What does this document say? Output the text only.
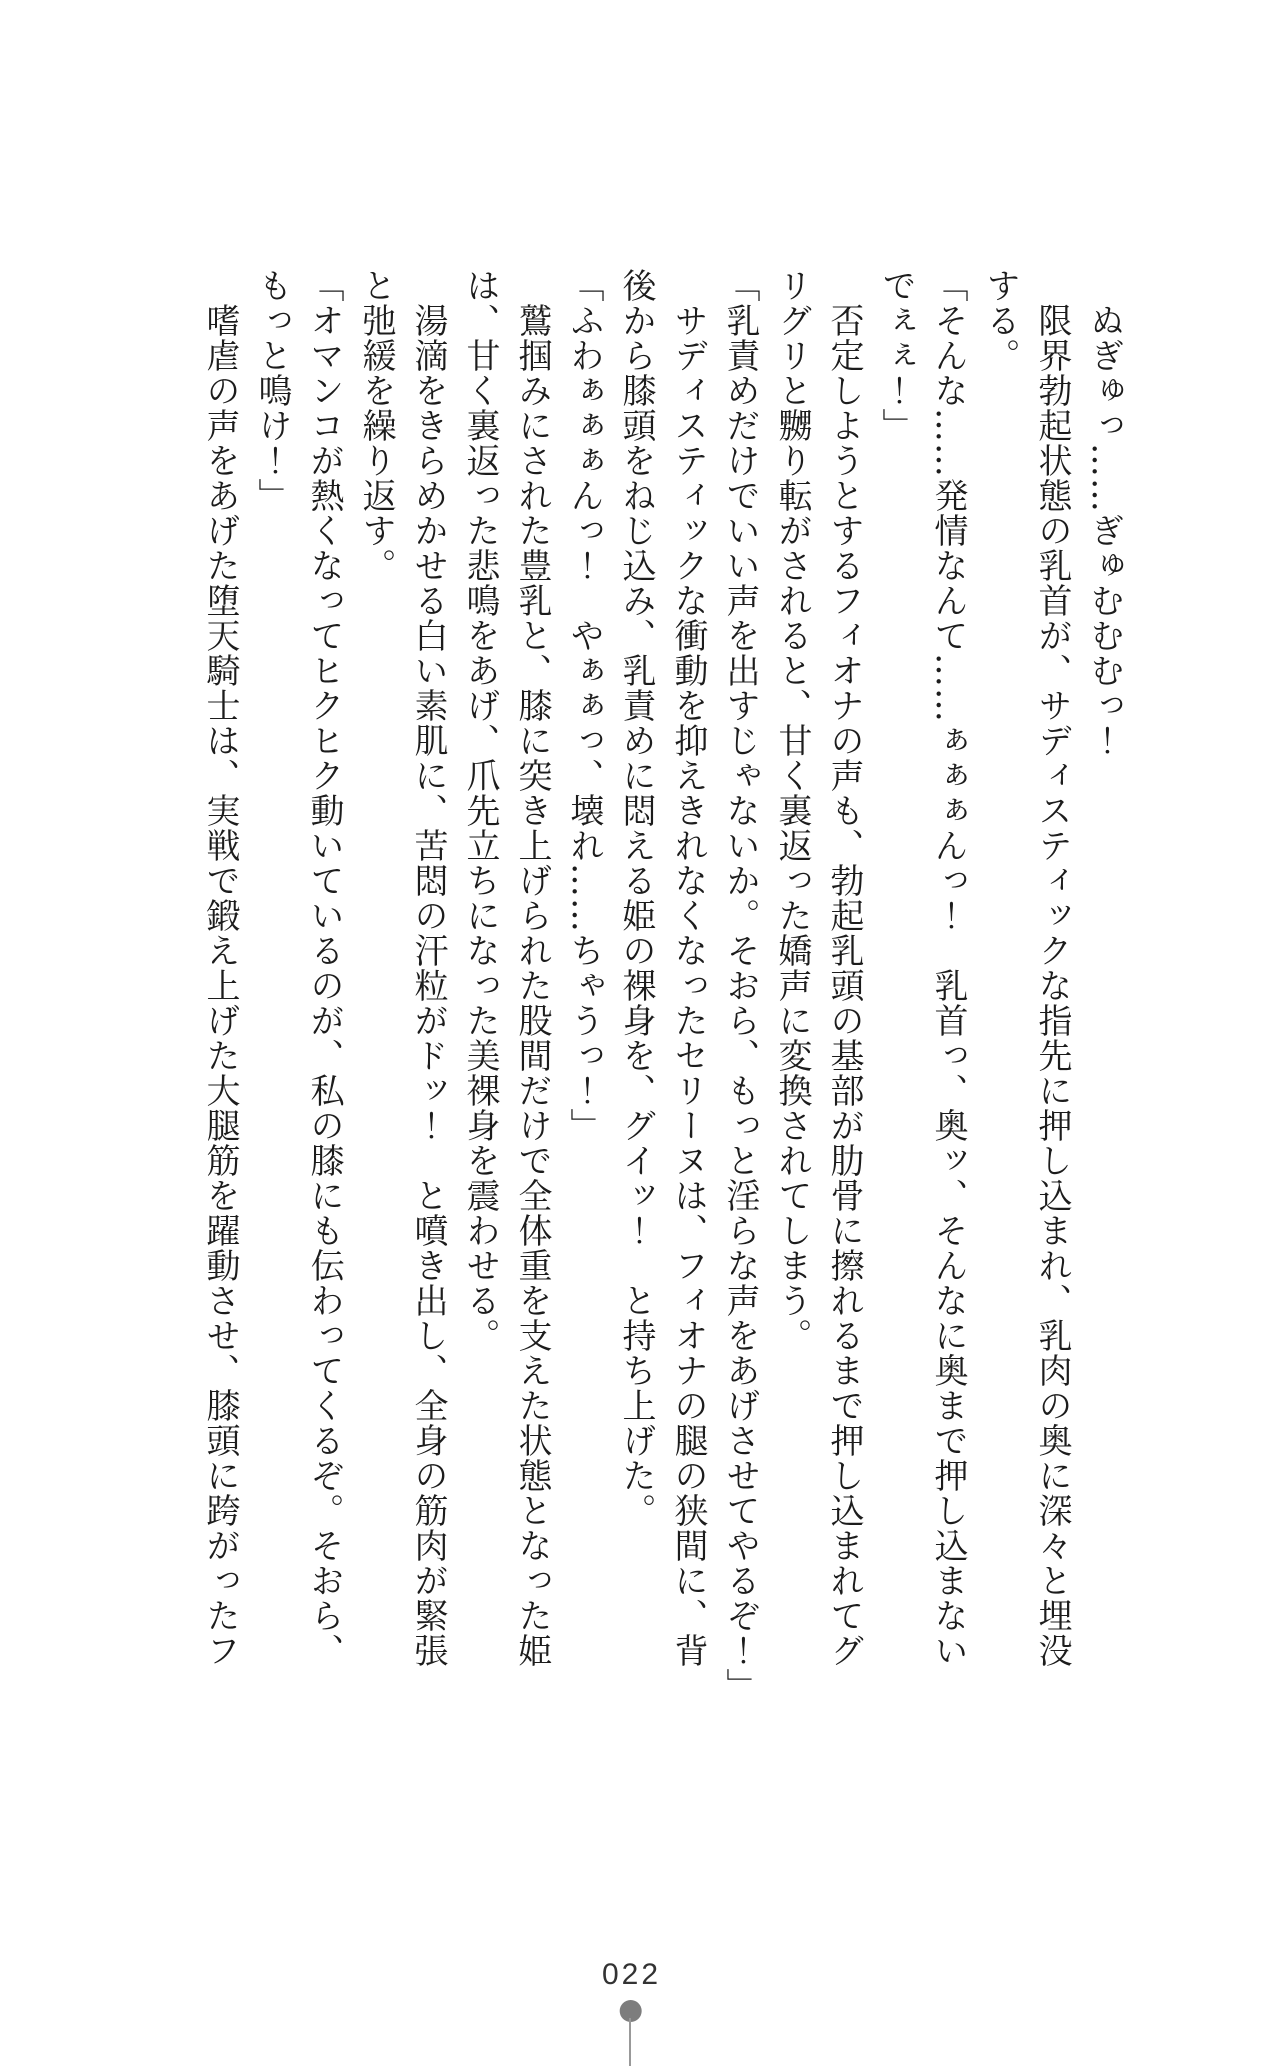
ぬぎゅっ……ぎゅむむむっ！

限界勃起状態の乳首が、サディスティックな指先に押し込まれ、乳肉の奥に深々と埋没

する。

「そんな……発情なんて……ぁぁぁんっ！　乳首っ、奥ッ、そんなに奥まで押し込まない

でぇぇ！」

否定しようとするフィオナの声も、勃起乳頭の基部が肋骨に擦れるまで押し込まれてグ

リグリと嬲り転がされると、甘く裏返った嬌声に変換されてしまう。

「乳責めだけでいい声を出すじゃないか。そおら、もっと淫らな声をあげさせてやるぞ！」

サディスティックな衝動を抑えきれなくなったセリーヌは、フィオナの腿の狭間に、背

後から膝頭をねじ込み、乳責めに悶える姫の裸身を、グイッ！　と持ち上げた。

「ふわぁぁぁんっ！　やぁぁっ、壊れ……ちゃうっ！」

鷲掴みにされた豊乳と、膝に突き上げられた股間だけで全体重を支えた状態となった姫

は、甘く裏返った悲鳴をあげ、爪先立ちになった美裸身を震わせる。

湯滴をきらめかせる白い素肌に、苦悶の汗粒がドッ！　と噴き出し、全身の筋肉が緊張

と弛緩を繰り返す。

「オマンコが熱くなってヒクヒク動いているのが、私の膝にも伝わってくるぞ。そおら、

もっと鳴け！」

嗜虐の声をあげた堕天騎士は、実戦で鍛え上げた大腿筋を躍動させ、膝頭に跨がったフ

022
